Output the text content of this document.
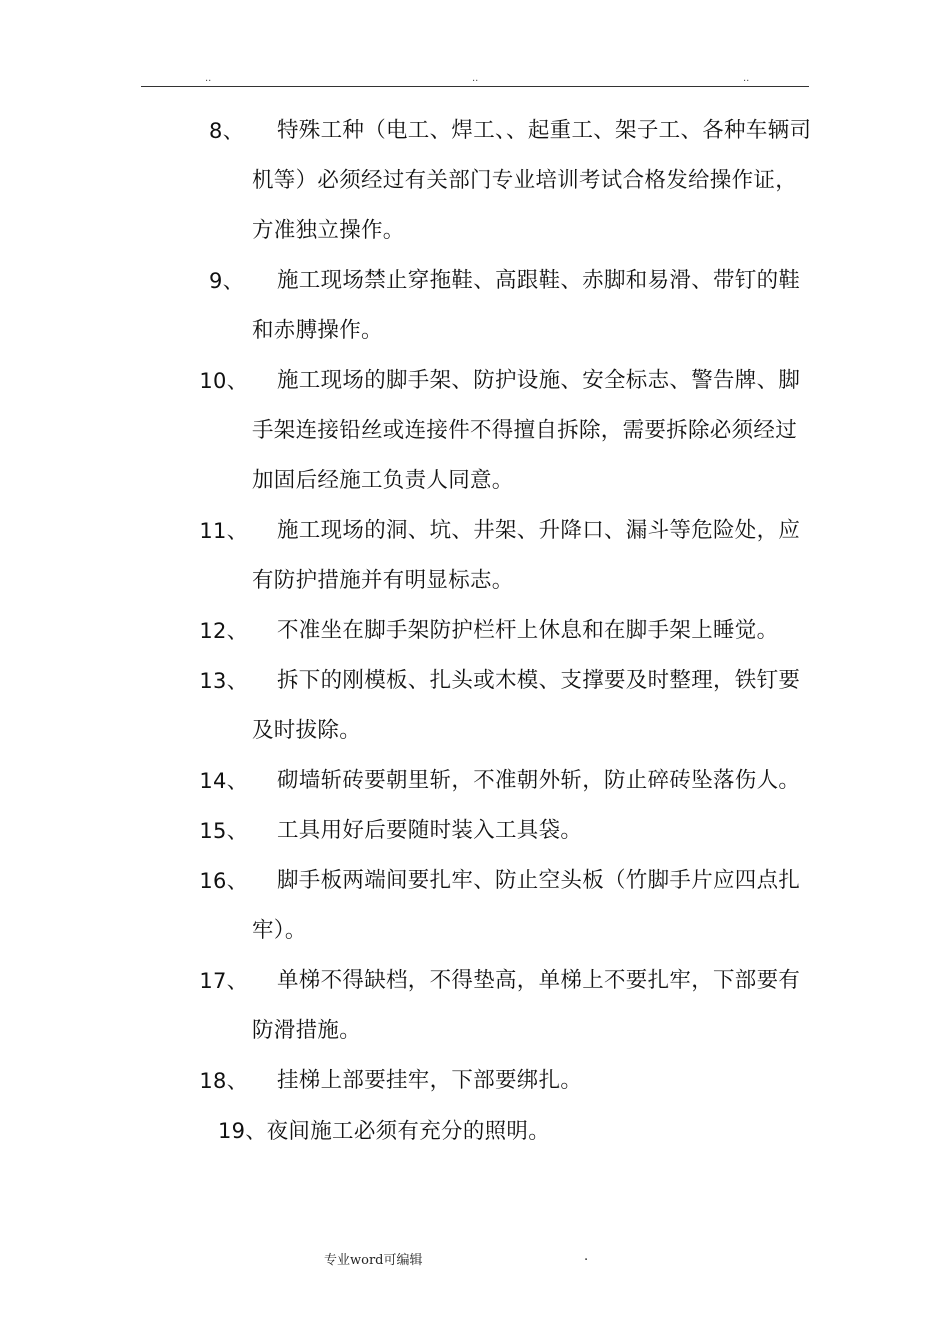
..	..	..
8、	特殊工种（电工、焊工、、起重工、架子工、各种车辆司机等）必须经过有关部门专业培训考试合格发给操作证，方准独立操作。
9、	施工现场禁止穿拖鞋、高跟鞋、赤脚和易滑、带钉的鞋和赤膊操作。
10、	施工现场的脚手架、防护设施、安全标志、警告牌、脚手架连接铅丝或连接件不得擅自拆除，需要拆除必须经过加固后经施工负责人同意。
11、	施工现场的洞、坑、井架、升降口、漏斗等危险处，应有防护措施并有明显标志。
12、	不准坐在脚手架防护栏杆上休息和在脚手架上睡觉。
13、	拆下的刚模板、扎头或木模、支撑要及时整理，铁钉要及时拔除。
14、	砌墙斩砖要朝里斩，不准朝外斩，防止碎砖坠落伤人。
15、	工具用好后要随时装入工具袋。
16、	脚手板两端间要扎牢、防止空头板（竹脚手片应四点扎牢）。
17、	单梯不得缺档，不得垫高，单梯上不要扎牢，下部要有防滑措施。
18、	挂梯上部要挂牢，下部要绑扎。
19、夜间施工必须有充分的照明。
专业word可编辑	.
